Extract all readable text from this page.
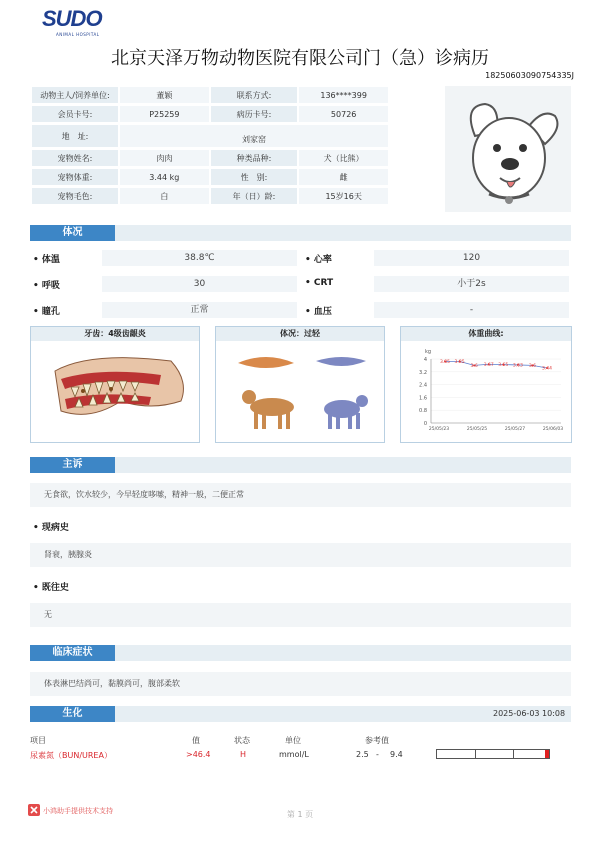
SUDO
ANIMAL HOSPITAL
北京天泽万物动物医院有限公司门（急）诊病历
18250603090754335J
动物主人/饲养单位:	董颖	联系方式:	136****399
会员卡号:	P25259	病历卡号:	50726
地　址:	刘家窑		
宠物姓名:	肉肉	种类品种:	犬（比熊）
宠物体重:	3.44 kg	性　别:	雌
宠物毛色:	白	年（日）龄:	15岁16天
体况
• 体温	38.8℃	• 心率	120
• 呼吸	30	• CRT	小于2s
• 瞳孔	正常	• 血压	-
牙齿：4级齿龈炎	体况：过轻	体重曲线:
kg
4
3.2
2.4
1.6
0.8
0
25/05/23	25/05/25	25/05/27	25/06/03
3.85 3.85
3.6 3.67 3.65 3.63 3.6
3.44
主诉
无食欲，饮水较少，今早轻度哆嗦，精神一般，二便正常
• 现病史
肾衰，胰腺炎
• 既往史
无
临床症状
体表淋巴结尚可，黏膜尚可，腹部柔软
生化	2025-06-03 10:08
项目	值	状态	单位	参考值
尿素氮（BUN/UREA）	>46.4	H	mmol/L	2.5 - 9.4
小鸿助手提供技术支持	第 1 页
